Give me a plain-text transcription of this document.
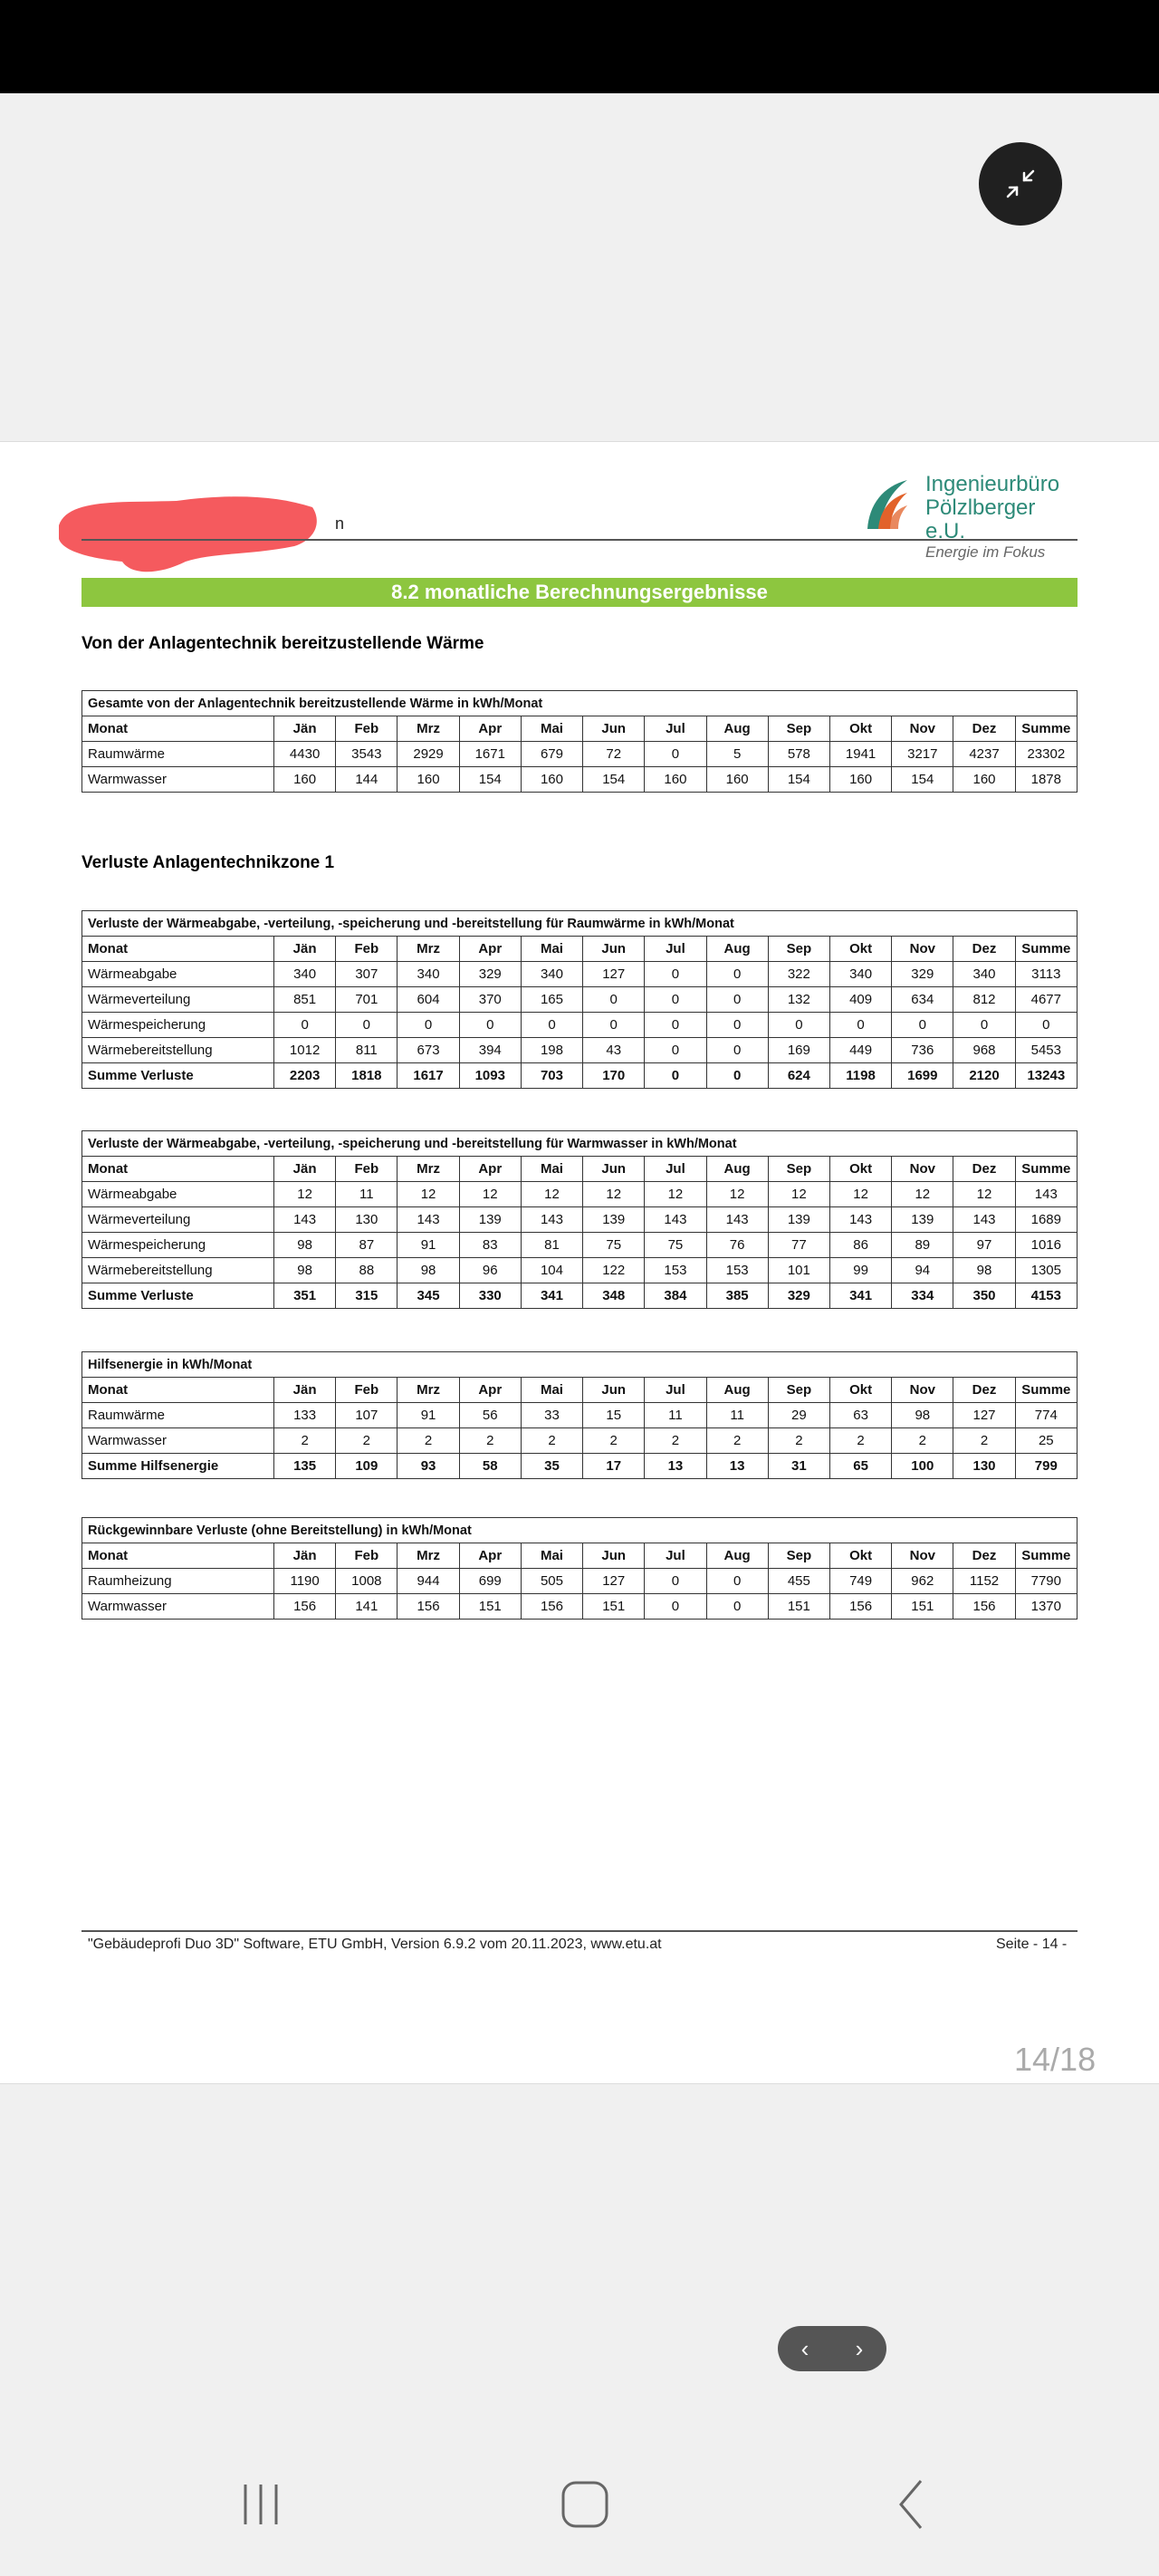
n
Ingenieurbüro
Pölzlberger e.U.
Energie im Fokus
8.2 monatliche Berechnungsergebnisse
Von der Anlagentechnik bereitzustellende Wärme
Verluste Anlagentechnikzone 1
Gesamte von der Anlagentechnik bereitzustellende Wärme in kWh/Monat													
Monat	Jän	Feb	Mrz	Apr	Mai	Jun	Jul	Aug	Sep	Okt	Nov	Dez	Summe
Raumwärme	4430	3543	2929	1671	679	72	0	5	578	1941	3217	4237	23302
Warmwasser	160	144	160	154	160	154	160	160	154	160	154	160	1878
Verluste der Wärmeabgabe, -verteilung, -speicherung und -bereitstellung für Raumwärme in kWh/Monat													
Monat	Jän	Feb	Mrz	Apr	Mai	Jun	Jul	Aug	Sep	Okt	Nov	Dez	Summe
Wärmeabgabe	340	307	340	329	340	127	0	0	322	340	329	340	3113
Wärmeverteilung	851	701	604	370	165	0	0	0	132	409	634	812	4677
Wärmespeicherung	0	0	0	0	0	0	0	0	0	0	0	0	0
Wärmebereitstellung	1012	811	673	394	198	43	0	0	169	449	736	968	5453
Summe Verluste	2203	1818	1617	1093	703	170	0	0	624	1198	1699	2120	13243
Verluste der Wärmeabgabe, -verteilung, -speicherung und -bereitstellung für Warmwasser in kWh/Monat													
Monat	Jän	Feb	Mrz	Apr	Mai	Jun	Jul	Aug	Sep	Okt	Nov	Dez	Summe
Wärmeabgabe	12	11	12	12	12	12	12	12	12	12	12	12	143
Wärmeverteilung	143	130	143	139	143	139	143	143	139	143	139	143	1689
Wärmespeicherung	98	87	91	83	81	75	75	76	77	86	89	97	1016
Wärmebereitstellung	98	88	98	96	104	122	153	153	101	99	94	98	1305
Summe Verluste	351	315	345	330	341	348	384	385	329	341	334	350	4153
Hilfsenergie in kWh/Monat													
Monat	Jän	Feb	Mrz	Apr	Mai	Jun	Jul	Aug	Sep	Okt	Nov	Dez	Summe
Raumwärme	133	107	91	56	33	15	11	11	29	63	98	127	774
Warmwasser	2	2	2	2	2	2	2	2	2	2	2	2	25
Summe Hilfsenergie	135	109	93	58	35	17	13	13	31	65	100	130	799
Rückgewinnbare Verluste (ohne Bereitstellung) in kWh/Monat													
Monat	Jän	Feb	Mrz	Apr	Mai	Jun	Jul	Aug	Sep	Okt	Nov	Dez	Summe
Raumheizung	1190	1008	944	699	505	127	0	0	455	749	962	1152	7790
Warmwasser	156	141	156	151	156	151	0	0	151	156	151	156	1370
"Gebäudeprofi Duo 3D" Software, ETU GmbH, Version 6.9.2 vom 20.11.2023, www.etu.at	Seite - 14 -
14/18
‹	›
